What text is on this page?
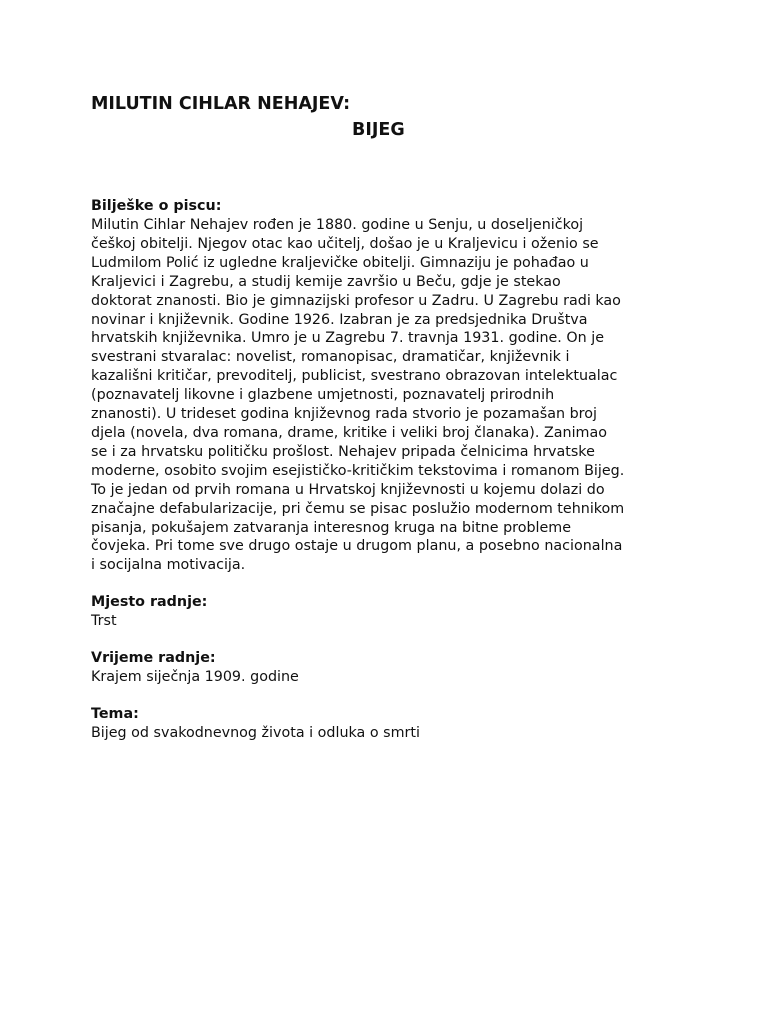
MILUTIN CIHLAR NEHAJEV:

BIJEG

Bilješke o piscu:
Milutin Cihlar Nehajev rođen je 1880. godine u Senju, u doseljeničkoj
češkoj obitelji. Njegov otac kao učitelj, došao je u Kraljevicu i oženio se
Ludmilom Polić iz ugledne kraljevičke obitelji. Gimnaziju je pohađao u
Kraljevici i Zagrebu, a studij kemije završio u Beču, gdje je stekao
doktorat znanosti. Bio je gimnazijski profesor u Zadru. U Zagrebu radi kao
novinar i književnik. Godine 1926. Izabran je za predsjednika Društva
hrvatskih književnika. Umro je u Zagrebu 7. travnja 1931. godine. On je
svestrani stvaralac: novelist, romanopisac, dramatičar, književnik i
kazališni kritičar, prevoditelj, publicist, svestrano obrazovan intelektualac
(poznavatelj likovne i glazbene umjetnosti, poznavatelj prirodnih
znanosti). U trideset godina književnog rada stvorio je pozamašan broj
djela (novela, dva romana, drame, kritike i veliki broj članaka). Zanimao
se i za hrvatsku političku prošlost. Nehajev pripada čelnicima hrvatske
moderne, osobito svojim esejističko-kritičkim tekstovima i romanom Bijeg.
To je jedan od prvih romana u Hrvatskoj književnosti u kojemu dolazi do
značajne defabularizacije, pri čemu se pisac poslužio modernom tehnikom
pisanja, pokušajem zatvaranja interesnog kruga na bitne probleme
čovjeka. Pri tome sve drugo ostaje u drugom planu, a posebno nacionalna
i socijalna motivacija.
Mjesto radnje:
Trst
Vrijeme radnje:
Krajem siječnja 1909. godine
Tema:
Bijeg od svakodnevnog života i odluka o smrti
